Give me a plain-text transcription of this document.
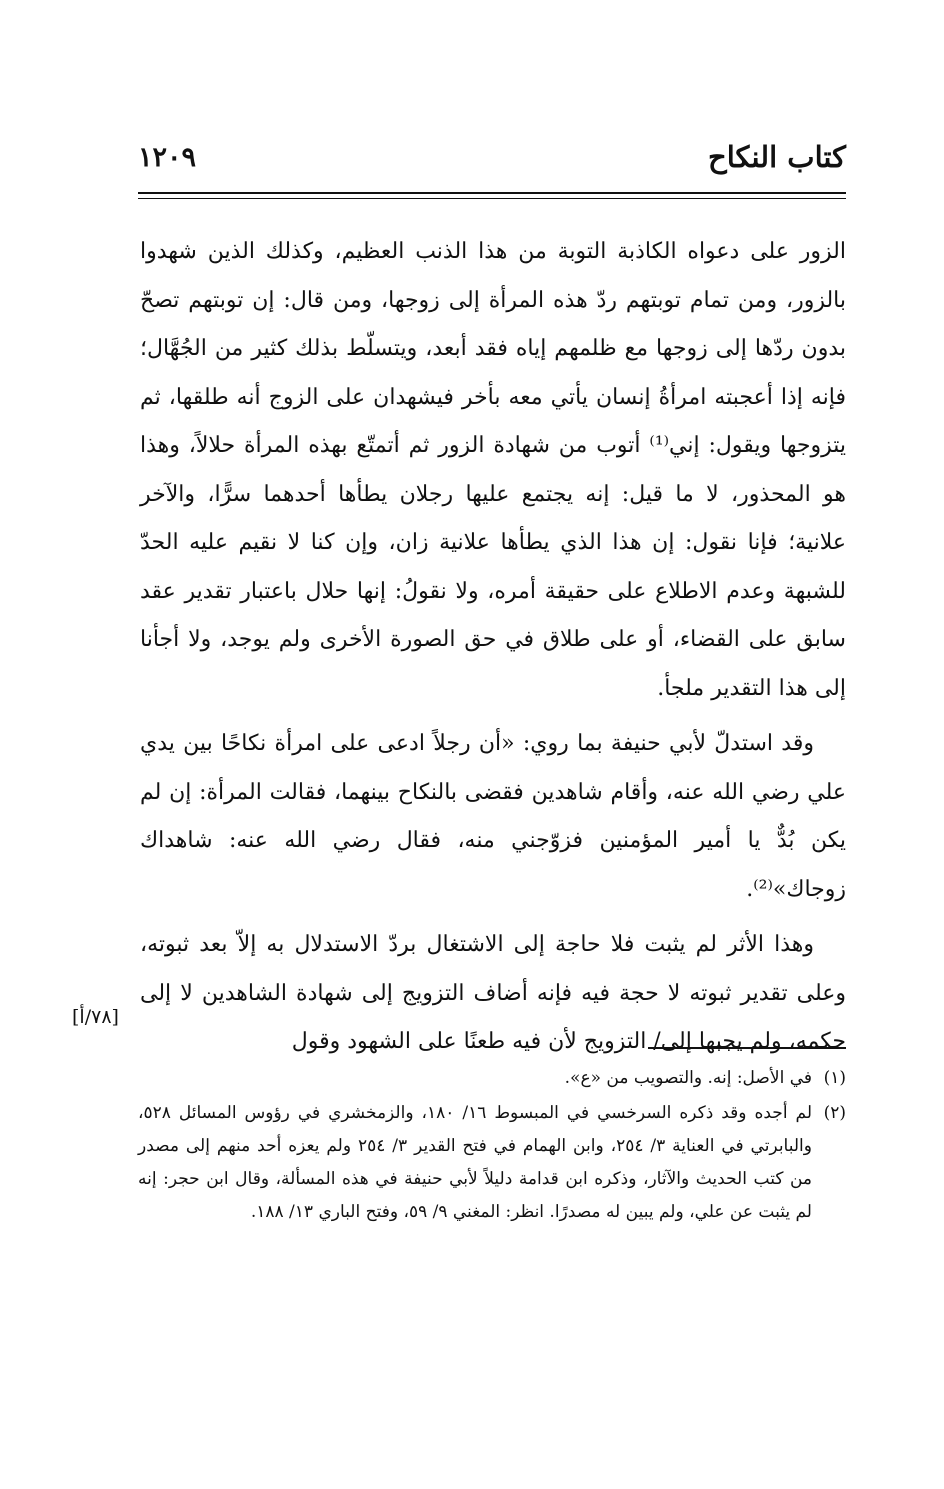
كتاب النكاح
١٢٠٩

الزور على دعواه الكاذبة التوبة من هذا الذنب العظيم، وكذلك الذين شهدوا بالزور، ومن تمام توبتهم ردّ هذه المرأة إلى زوجها، ومن قال: إن توبتهم تصحّ بدون ردّها إلى زوجها مع ظلمهم إياه فقد أبعد، ويتسلّط بذلك كثير من الجُهَّال؛ فإنه إذا أعجبته امرأةُ إنسان يأتي معه بأخر فيشهدان على الزوج أنه طلقها، ثم يتزوجها ويقول: إني⁽¹⁾ أتوب من شهادة الزور ثم أتمتّع بهذه المرأة حلالاً، وهذا هو المحذور، لا ما قيل: إنه يجتمع عليها رجلان يطأها أحدهما سرًّا، والآخر علانية؛ فإنا نقول: إن هذا الذي يطأها علانية زان، وإن كنا لا نقيم عليه الحدّ للشبهة وعدم الاطلاع على حقيقة أمره، ولا نقولُ: إنها حلال باعتبار تقدير عقد سابق على القضاء، أو على طلاق في حق الصورة الأخرى ولم يوجد، ولا أجأنا إلى هذا التقدير ملجأ.

وقد استدلّ لأبي حنيفة بما روي: «أن رجلاً ادعى على امرأة نكاحًا بين يدي علي رضي الله عنه، وأقام شاهدين فقضى بالنكاح بينهما، فقالت المرأة: إن لم يكن بُدٌّ يا أمير المؤمنين فزوّجني منه، فقال رضي الله عنه: شاهداك زوجاك»⁽²⁾.

وهذا الأثر لم يثبت فلا حاجة إلى الاشتغال بردّ الاستدلال به إلاّ بعد ثبوته، وعلى تقدير ثبوته لا حجة فيه فإنه أضاف التزويج إلى شهادة الشاهدين لا إلى حكمه، ولم يجبها إلى/ التزويج لأن فيه طعنًا على الشهود وقول

[٧٨/أ]
(١)
في الأصل: إنه. والتصويب من «ع».
(٢)
لم أجده وقد ذكره السرخسي في المبسوط ١٦/ ١٨٠، والزمخشري في رؤوس المسائل ٥٢٨، والبابرتي في العناية ٣/ ٢٥٤، وابن الهمام في فتح القدير ٣/ ٢٥٤ ولم يعزه أحد منهم إلى مصدر من كتب الحديث والآثار، وذكره ابن قدامة دليلاً لأبي حنيفة في هذه المسألة، وقال ابن حجر: إنه لم يثبت عن علي، ولم يبين له مصدرًا. انظر: المغني ٩/ ٥٩، وفتح الباري ١٣/ ١٨٨.
